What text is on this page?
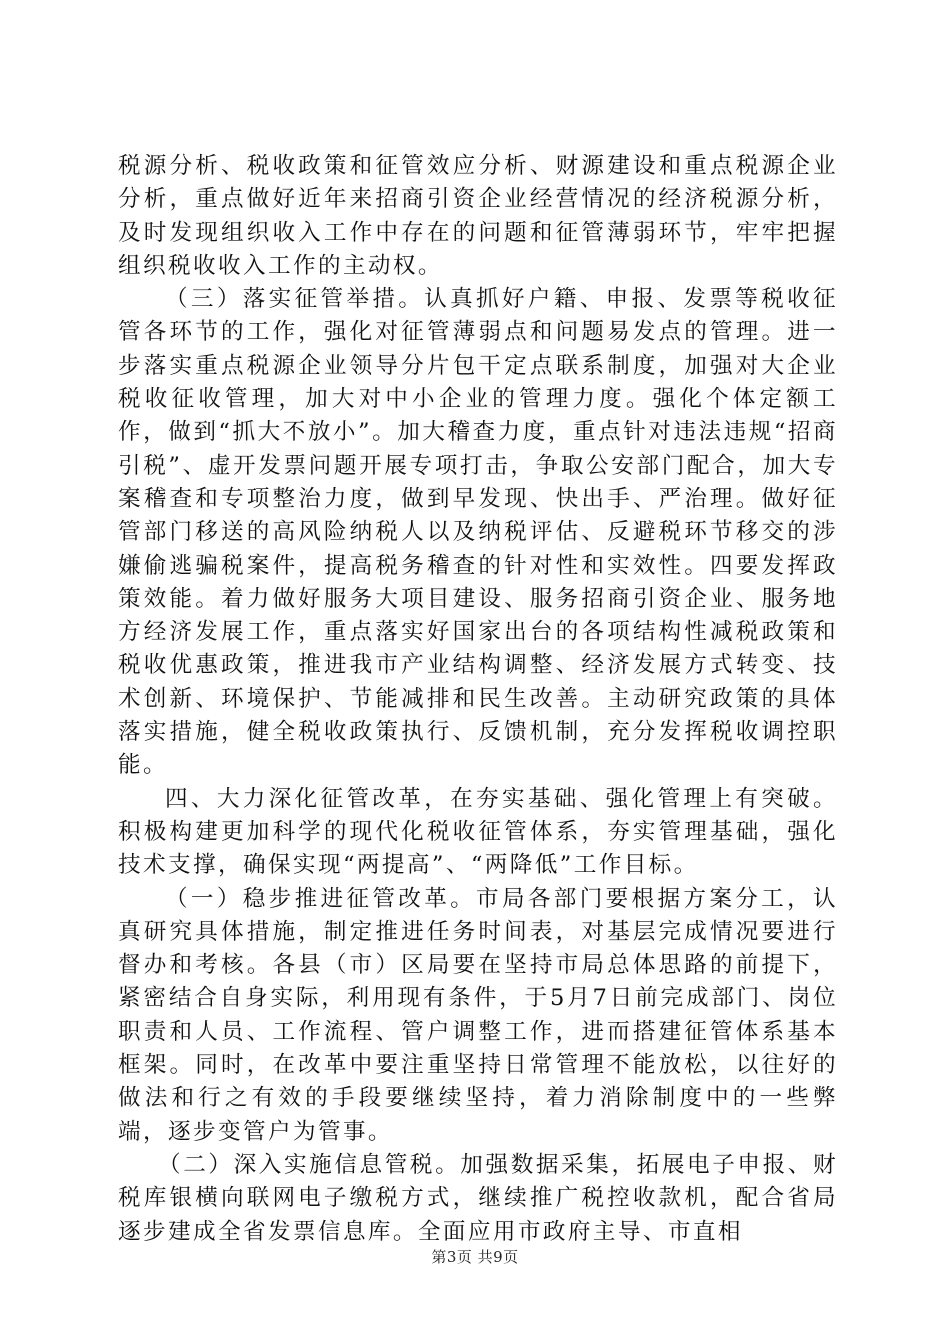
税源分析、税收政策和征管效应分析、财源建设和重点税源企业分析，重点做好近年来招商引资企业经营情况的经济税源分析，及时发现组织收入工作中存在的问题和征管薄弱环节，牢牢把握组织税收收入工作的主动权。

（三）落实征管举措。认真抓好户籍、申报、发票等税收征管各环节的工作，强化对征管薄弱点和问题易发点的管理。进一步落实重点税源企业领导分片包干定点联系制度，加强对大企业税收征收管理，加大对中小企业的管理力度。强化个体定额工作，做到“抓大不放小”。加大稽查力度，重点针对违法违规“招商引税”、虚开发票问题开展专项打击，争取公安部门配合，加大专案稽查和专项整治力度，做到早发现、快出手、严治理。做好征管部门移送的高风险纳税人以及纳税评估、反避税环节移交的涉嫌偷逃骗税案件，提高税务稽查的针对性和实效性。四要发挥政策效能。着力做好服务大项目建设、服务招商引资企业、服务地方经济发展工作，重点落实好国家出台的各项结构性减税政策和税收优惠政策，推进我市产业结构调整、经济发展方式转变、技术创新、环境保护、节能减排和民生改善。主动研究政策的具体落实措施，健全税收政策执行、反馈机制，充分发挥税收调控职能。

四、大力深化征管改革，在夯实基础、强化管理上有突破。积极构建更加科学的现代化税收征管体系，夯实管理基础，强化技术支撑，确保实现“两提高”、“两降低”工作目标。

（一）稳步推进征管改革。市局各部门要根据方案分工，认真研究具体措施，制定推进任务时间表，对基层完成情况要进行督办和考核。各县（市）区局要在坚持市局总体思路的前提下，紧密结合自身实际，利用现有条件，于5月7日前完成部门、岗位职责和人员、工作流程、管户调整工作，进而搭建征管体系基本框架。同时，在改革中要注重坚持日常管理不能放松，以往好的做法和行之有效的手段要继续坚持，着力消除制度中的一些弊端，逐步变管户为管事。

（二）深入实施信息管税。加强数据采集，拓展电子申报、财税库银横向联网电子缴税方式，继续推广税控收款机，配合省局逐步建成全省发票信息库。全面应用市政府主导、市直相

第3页 共9页
